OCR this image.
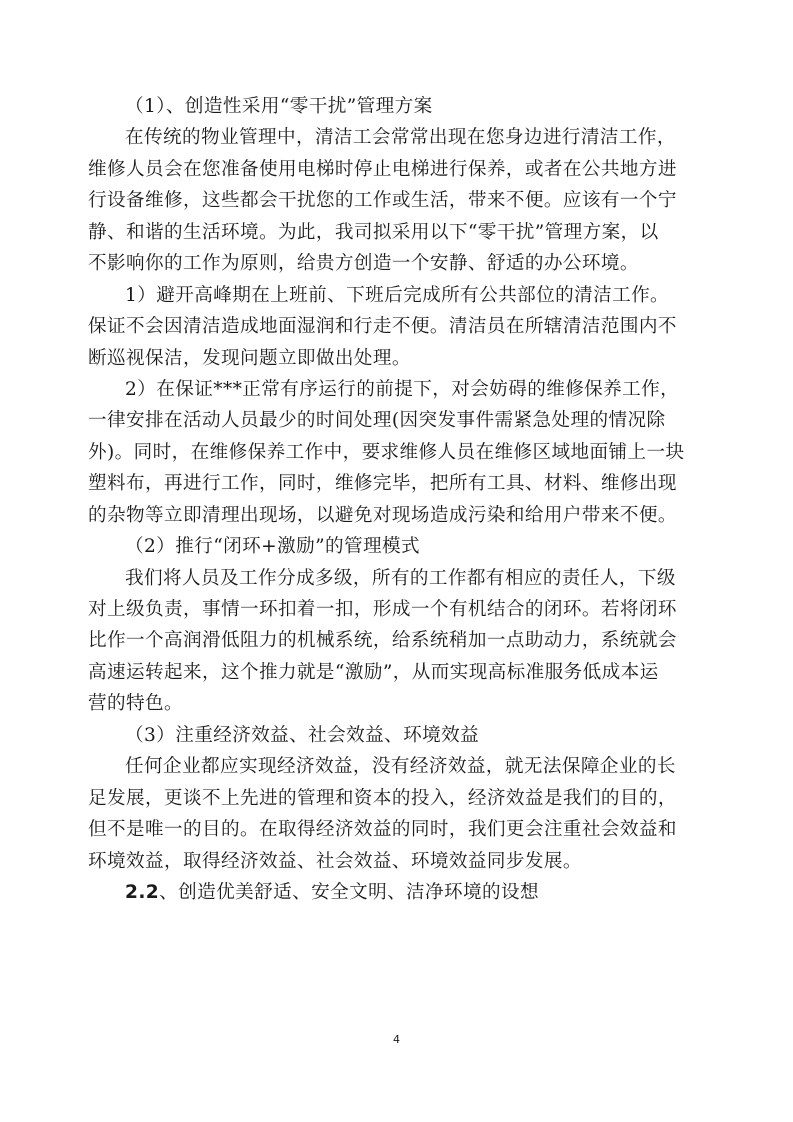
（1）、创造性采用“零干扰”管理方案
在传统的物业管理中，清洁工会常常出现在您身边进行清洁工作，
维修人员会在您准备使用电梯时停止电梯进行保养，或者在公共地方进
行设备维修，这些都会干扰您的工作或生活，带来不便。应该有一个宁
静、和谐的生活环境。为此，我司拟采用以下“零干扰”管理方案，以
不影响你的工作为原则，给贵方创造一个安静、舒适的办公环境。
1）避开高峰期在上班前、下班后完成所有公共部位的清洁工作。
保证不会因清洁造成地面湿润和行走不便。清洁员在所辖清洁范围内不
断巡视保洁，发现问题立即做出处理。
2）在保证***正常有序运行的前提下，对会妨碍的维修保养工作，
一律安排在活动人员最少的时间处理(因突发事件需紧急处理的情况除
外)。同时，在维修保养工作中，要求维修人员在维修区域地面铺上一块
塑料布，再进行工作，同时，维修完毕，把所有工具、材料、维修出现
的杂物等立即清理出现场，以避免对现场造成污染和给用户带来不便。
（2）推行“闭环+激励”的管理模式
我们将人员及工作分成多级，所有的工作都有相应的责任人，下级
对上级负责，事情一环扣着一扣，形成一个有机结合的闭环。若将闭环
比作一个高润滑低阻力的机械系统，给系统稍加一点助动力，系统就会
高速运转起来，这个推力就是“激励”，从而实现高标准服务低成本运
营的特色。
（3）注重经济效益、社会效益、环境效益
任何企业都应实现经济效益，没有经济效益，就无法保障企业的长
足发展，更谈不上先进的管理和资本的投入，经济效益是我们的目的，
但不是唯一的目的。在取得经济效益的同时，我们更会注重社会效益和
环境效益，取得经济效益、社会效益、环境效益同步发展。
2.2、创造优美舒适、安全文明、洁净环境的设想
4
